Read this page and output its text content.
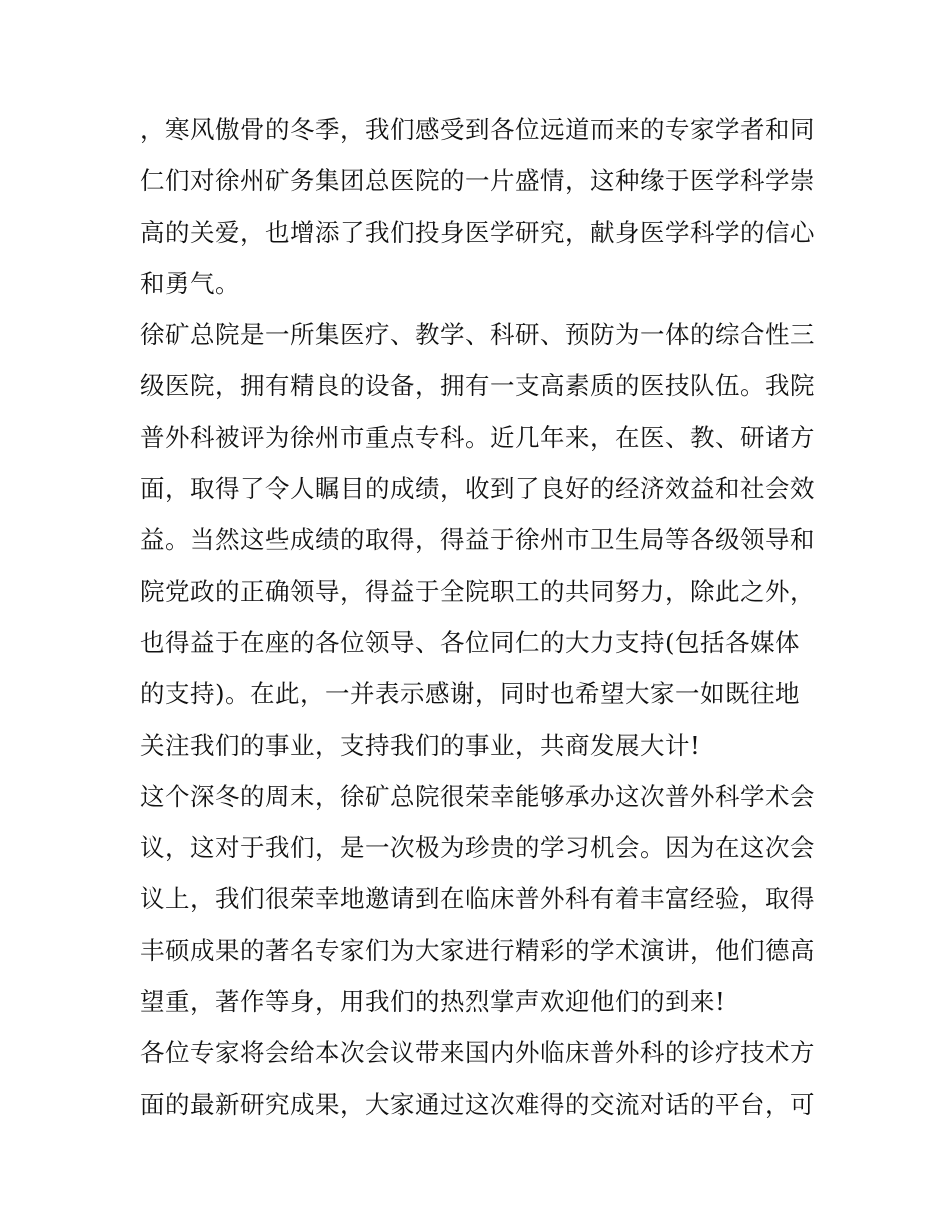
，寒风傲骨的冬季，我们感受到各位远道而来的专家学者和同

仁们对徐州矿务集团总医院的一片盛情，这种缘于医学科学崇

高的关爱，也增添了我们投身医学研究，献身医学科学的信心

和勇气。

徐矿总院是一所集医疗、教学、科研、预防为一体的综合性三

级医院，拥有精良的设备，拥有一支高素质的医技队伍。我院

普外科被评为徐州市重点专科。近几年来，在医、教、研诸方

面，取得了令人瞩目的成绩，收到了良好的经济效益和社会效

益。当然这些成绩的取得，得益于徐州市卫生局等各级领导和

院党政的正确领导，得益于全院职工的共同努力，除此之外，

也得益于在座的各位领导、各位同仁的大力支持(包括各媒体

的支持)。在此，一并表示感谢，同时也希望大家一如既往地

关注我们的事业，支持我们的事业，共商发展大计!

这个深冬的周末，徐矿总院很荣幸能够承办这次普外科学术会

议，这对于我们，是一次极为珍贵的学习机会。因为在这次会

议上，我们很荣幸地邀请到在临床普外科有着丰富经验，取得

丰硕成果的著名专家们为大家进行精彩的学术演讲，他们德高

望重，著作等身，用我们的热烈掌声欢迎他们的到来!

各位专家将会给本次会议带来国内外临床普外科的诊疗技术方

面的最新研究成果，大家通过这次难得的交流对话的平台，可
